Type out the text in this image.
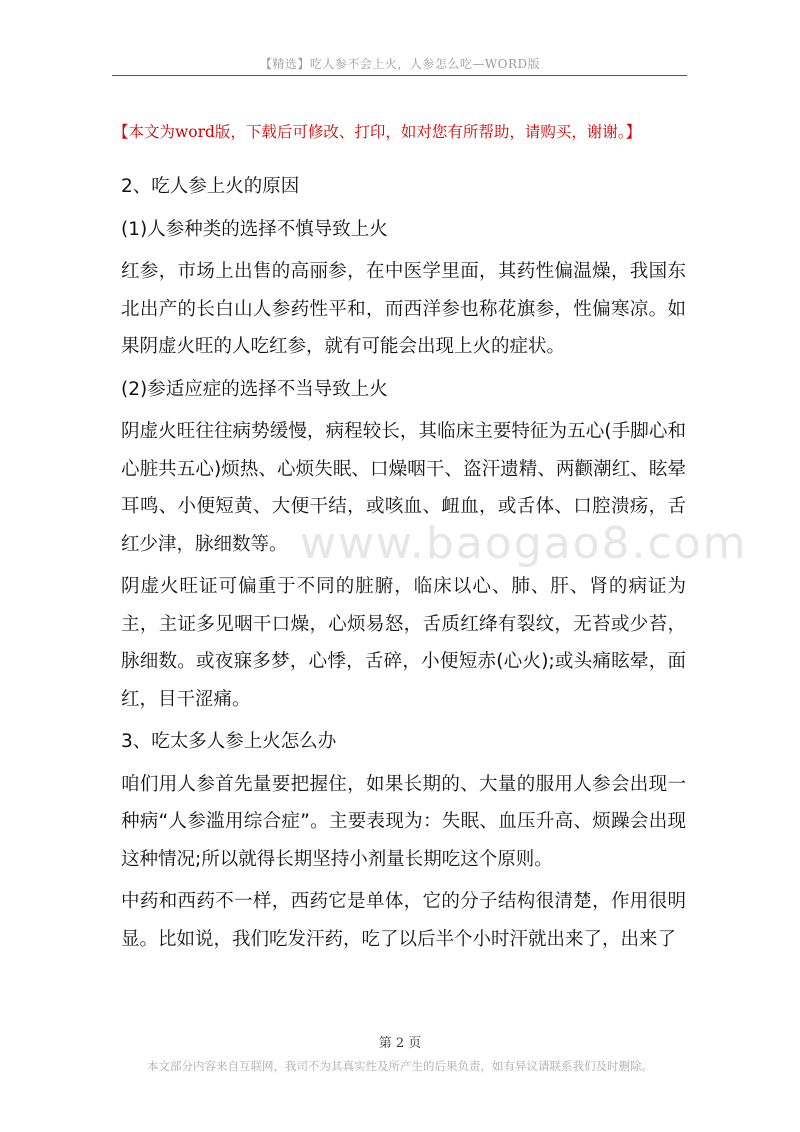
【精选】吃人参不会上火，人参怎么吃—WORD版
【本文为word版，下载后可修改、打印，如对您有所帮助，请购买，谢谢。】
www.baogao8.com

2、吃人参上火的原因

(1)人参种类的选择不慎导致上火

红参，市场上出售的高丽参，在中医学里面，其药性偏温燥，我国东北出产的长白山人参药性平和，而西洋参也称花旗参，性偏寒凉。如果阴虚火旺的人吃红参，就有可能会出现上火的症状。

(2)参适应症的选择不当导致上火

阴虚火旺往往病势缓慢，病程较长，其临床主要特征为五心(手脚心和心脏共五心)烦热、心烦失眠、口燥咽干、盗汗遗精、两颧潮红、眩晕耳鸣、小便短黄、大便干结，或咳血、衄血，或舌体、口腔溃疡，舌红少津，脉细数等。

阴虚火旺证可偏重于不同的脏腑，临床以心、肺、肝、肾的病证为主，主证多见咽干口燥，心烦易怒，舌质红绛有裂纹，无苔或少苔，脉细数。或夜寐多梦，心悸，舌碎，小便短赤(心火);或头痛眩晕，面红，目干涩痛。

3、吃太多人参上火怎么办

咱们用人参首先量要把握住，如果长期的、大量的服用人参会出现一种病“人参滥用综合症”。主要表现为：失眠、血压升高、烦躁会出现这种情况;所以就得长期坚持小剂量长期吃这个原则。

中药和西药不一样，西药它是单体，它的分子结构很清楚，作用很明显。比如说，我们吃发汗药，吃了以后半个小时汗就出来了，出来了

第 2 页
本文部分内容来自互联网，我司不为其真实性及所产生的后果负责，如有异议请联系我们及时删除。
